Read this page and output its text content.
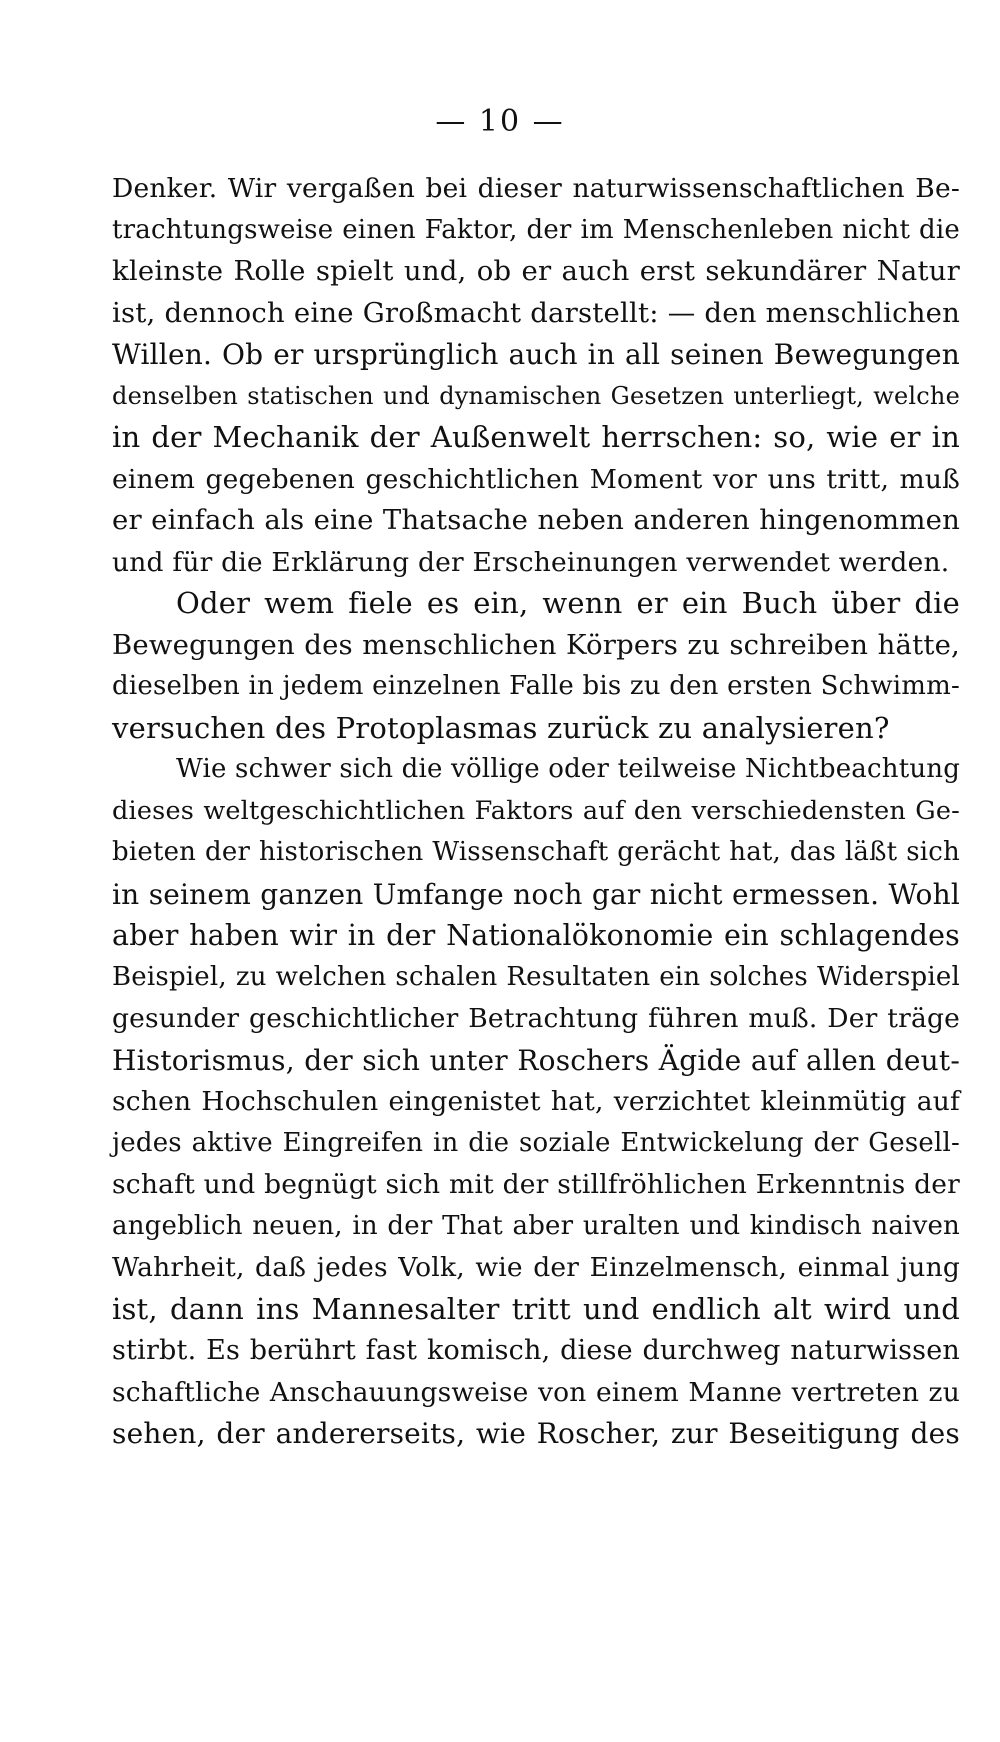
— 10 —
Denker. Wir vergaßen bei dieser naturwissenschaftlichen Be-
trachtungsweise einen Faktor, der im Menschenleben nicht die
kleinste Rolle spielt und, ob er auch erst sekundärer Natur
ist, dennoch eine Großmacht darstellt: — den menschlichen
Willen. Ob er ursprünglich auch in all seinen Bewegungen
denselben statischen und dynamischen Gesetzen unterliegt, welche
in der Mechanik der Außenwelt herrschen: so, wie er in
einem gegebenen geschichtlichen Moment vor uns tritt, muß
er einfach als eine Thatsache neben anderen hingenommen
und für die Erklärung der Erscheinungen verwendet werden.
Oder wem fiele es ein, wenn er ein Buch über die
Bewegungen des menschlichen Körpers zu schreiben hätte,
dieselben in jedem einzelnen Falle bis zu den ersten Schwimm-
versuchen des Protoplasmas zurück zu analysieren?
Wie schwer sich die völlige oder teilweise Nichtbeachtung
dieses weltgeschichtlichen Faktors auf den verschiedensten Ge-
bieten der historischen Wissenschaft gerächt hat, das läßt sich
in seinem ganzen Umfange noch gar nicht ermessen. Wohl
aber haben wir in der Nationalökonomie ein schlagendes
Beispiel, zu welchen schalen Resultaten ein solches Widerspiel
gesunder geschichtlicher Betrachtung führen muß. Der träge
Historismus, der sich unter Roschers Ägide auf allen deut-
schen Hochschulen eingenistet hat, verzichtet kleinmütig auf
jedes aktive Eingreifen in die soziale Entwickelung der Gesell-
schaft und begnügt sich mit der stillfröhlichen Erkenntnis der
angeblich neuen, in der That aber uralten und kindisch naiven
Wahrheit, daß jedes Volk, wie der Einzelmensch, einmal jung
ist, dann ins Mannesalter tritt und endlich alt wird und
stirbt. Es berührt fast komisch, diese durchweg naturwissen
schaftliche Anschauungsweise von einem Manne vertreten zu
sehen, der andererseits, wie Roscher, zur Beseitigung des
